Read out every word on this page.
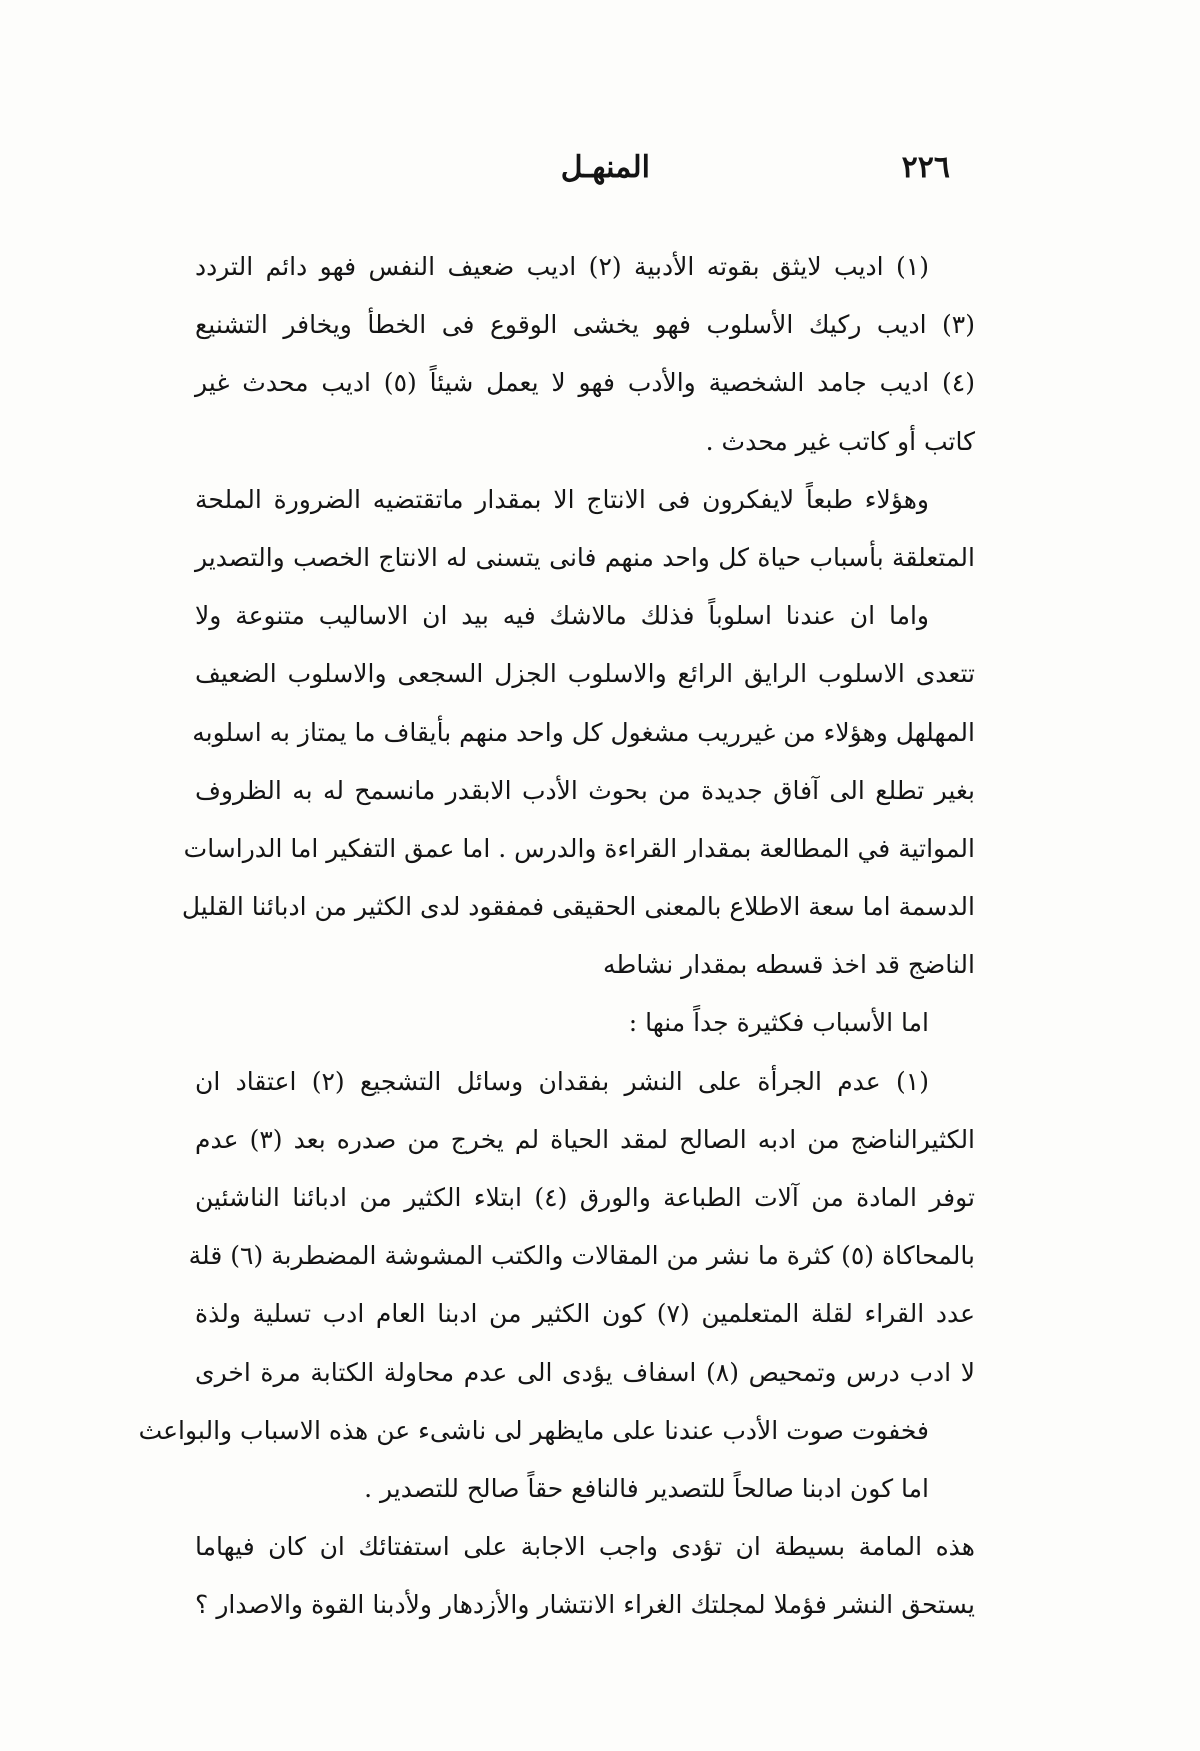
٢٢٦
المنهـل
(١) اديب لايثق بقوته الأدبية (٢) اديب ضعيف النفس فهو دائم التردد
(٣) اديب ركيك الأسلوب فهو يخشى الوقوع فى الخطأ ويخافر التشنيع
(٤) اديب جامد الشخصية والأدب فهو لا يعمل شيئاً (٥) اديب محدث غير
كاتب أو كاتب غير محدث .
وهؤلاء طبعاً لايفكرون فى الانتاج الا بمقدار ماتقتضيه الضرورة الملحة
المتعلقة بأسباب حياة كل واحد منهم فانى يتسنى له الانتاج الخصب والتصدير
واما ان عندنا اسلوباً فذلك مالاشك فيه بيد ان الاساليب متنوعة ولا
تتعدى الاسلوب الرايق الرائع والاسلوب الجزل السجعى والاسلوب الضعيف
المهلهل وهؤلاء من غيرريب مشغول كل واحد منهم بأيقاف ما يمتاز به اسلوبه
بغير تطلع الى آفاق جديدة من بحوث الأدب الابقدر مانسمح له به الظروف
المواتية في المطالعة بمقدار القراءة والدرس . اما عمق التفكير اما الدراسات
الدسمة اما سعة الاطلاع بالمعنى الحقيقى فمفقود لدى الكثير من ادبائنا القليل
الناضج قد اخذ قسطه بمقدار نشاطه
اما الأسباب فكثيرة جداً منها :
(١) عدم الجرأة على النشر بفقدان وسائل التشجيع (٢) اعتقاد ان
الكثيرالناضج من ادبه الصالح لمقد الحياة لم يخرج من صدره بعد (٣) عدم
توفر المادة من آلات الطباعة والورق (٤) ابتلاء الكثير من ادبائنا الناشئين
بالمحاكاة (٥) كثرة ما نشر من المقالات والكتب المشوشة المضطربة (٦) قلة
عدد القراء لقلة المتعلمين (٧) كون الكثير من ادبنا العام ادب تسلية ولذة
لا ادب درس وتمحيص (٨) اسفاف يؤدى الى عدم محاولة الكتابة مرة اخرى
فخفوت صوت الأدب عندنا على مايظهر لى ناشىء عن هذه الاسباب والبواعث
اما كون ادبنا صالحاً للتصدير فالنافع حقاً صالح للتصدير .
هذه المامة بسيطة ان تؤدى واجب الاجابة على استفتائك ان كان فيهاما
يستحق النشر فؤملا لمجلتك الغراء الانتشار والأزدهار ولأدبنا القوة والاصدار ؟
